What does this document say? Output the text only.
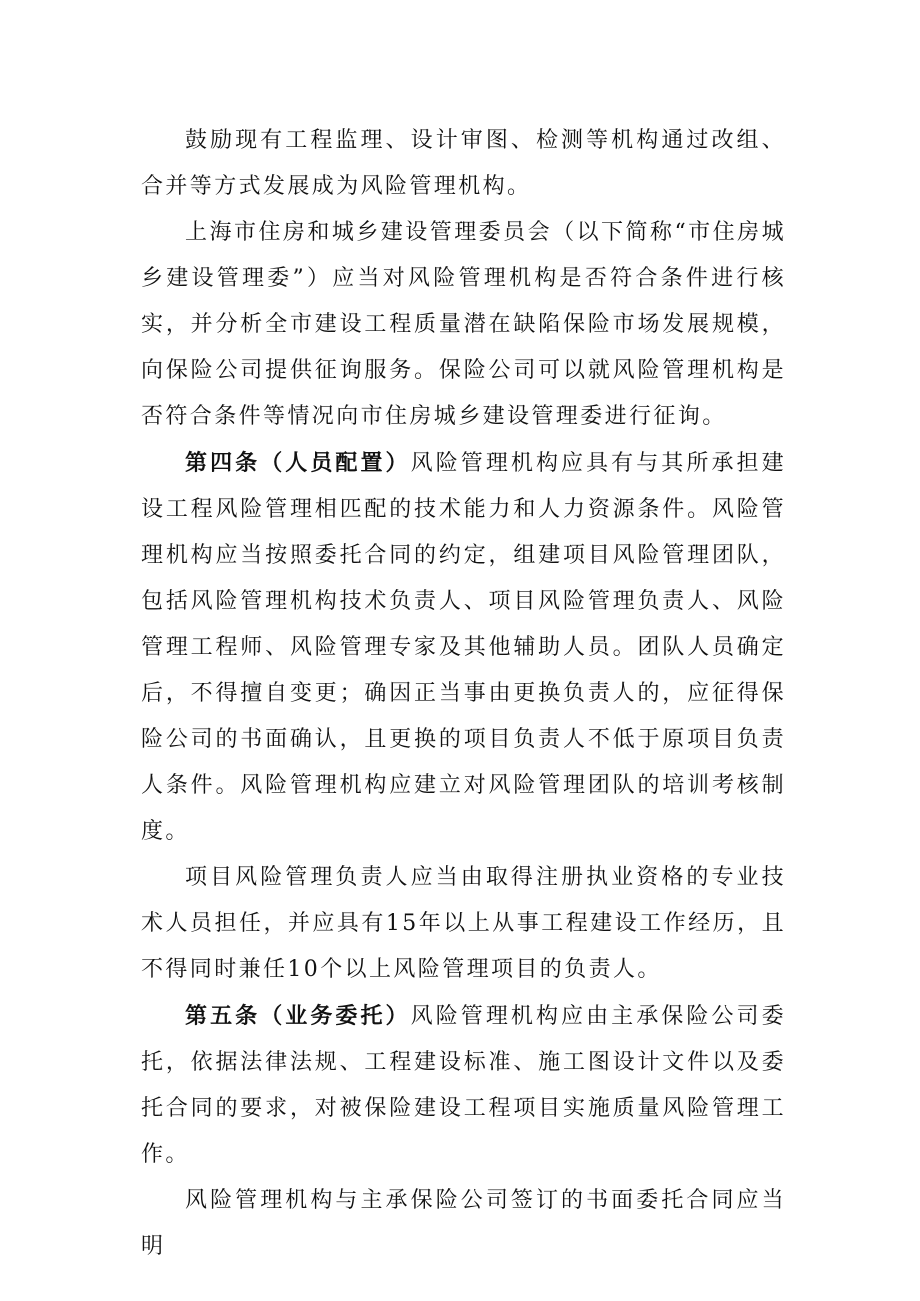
鼓励现有工程监理、设计审图、检测等机构通过改组、合并等方式发展成为风险管理机构。

上海市住房和城乡建设管理委员会（以下简称“市住房城乡建设管理委”）应当对风险管理机构是否符合条件进行核实，并分析全市建设工程质量潜在缺陷保险市场发展规模，向保险公司提供征询服务。保险公司可以就风险管理机构是否符合条件等情况向市住房城乡建设管理委进行征询。

第四条（人员配置）风险管理机构应具有与其所承担建设工程风险管理相匹配的技术能力和人力资源条件。风险管理机构应当按照委托合同的约定，组建项目风险管理团队，包括风险管理机构技术负责人、项目风险管理负责人、风险管理工程师、风险管理专家及其他辅助人员。团队人员确定后，不得擅自变更；确因正当事由更换负责人的，应征得保险公司的书面确认，且更换的项目负责人不低于原项目负责人条件。风险管理机构应建立对风险管理团队的培训考核制度。

项目风险管理负责人应当由取得注册执业资格的专业技术人员担任，并应具有15年以上从事工程建设工作经历，且不得同时兼任10个以上风险管理项目的负责人。

第五条（业务委托）风险管理机构应由主承保险公司委托，依据法律法规、工程建设标准、施工图设计文件以及委托合同的要求，对被保险建设工程项目实施质量风险管理工作。

风险管理机构与主承保险公司签订的书面委托合同应当明
